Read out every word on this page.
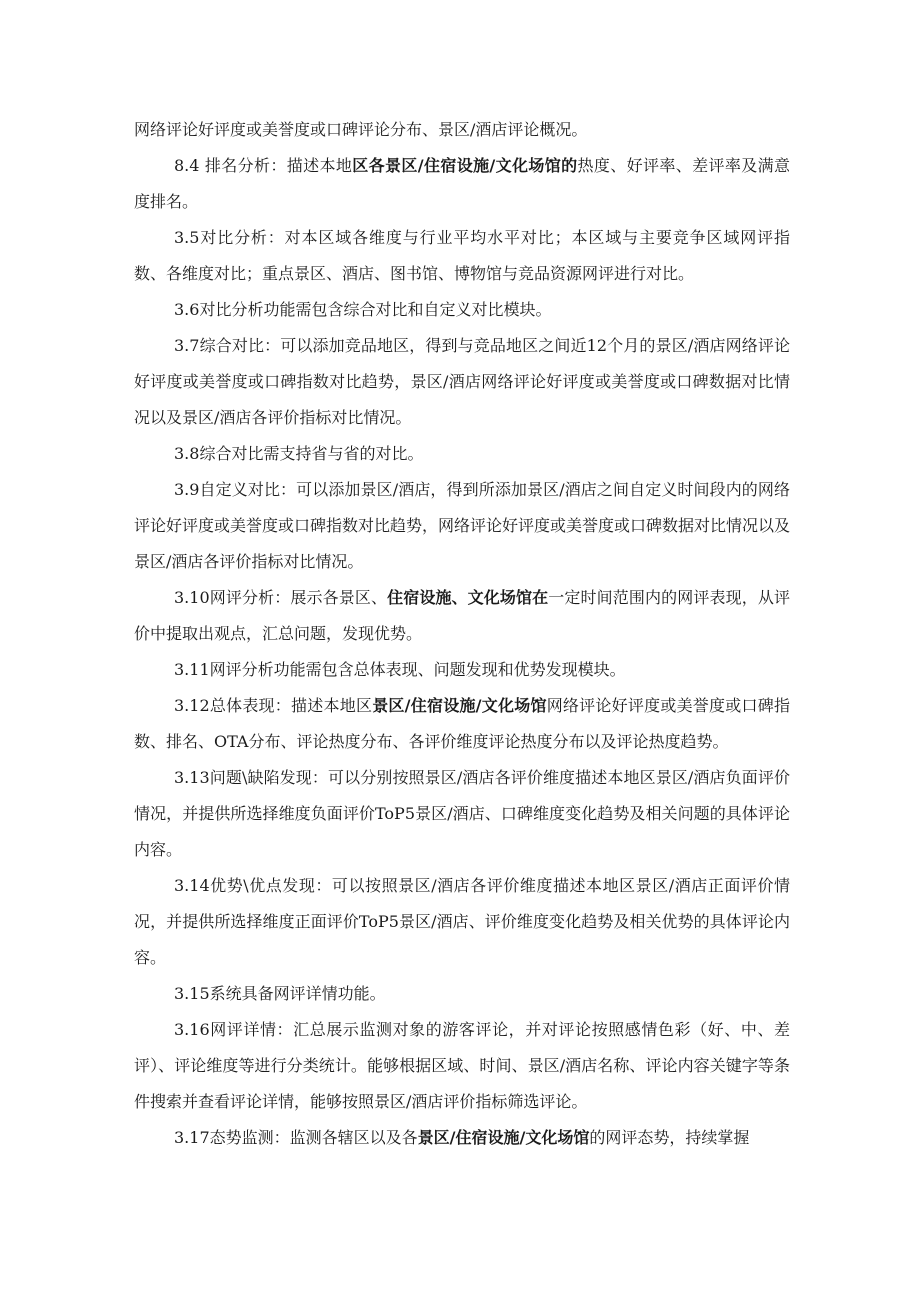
网络评论好评度或美誉度或口碑评论分布、景区/酒店评论概况。

8.4 排名分析：描述本地区各景区/住宿设施/文化场馆的热度、好评率、差评率及满意度排名。

3.5对比分析：对本区域各维度与行业平均水平对比；本区域与主要竞争区域网评指数、各维度对比；重点景区、酒店、图书馆、博物馆与竞品资源网评进行对比。

3.6对比分析功能需包含综合对比和自定义对比模块。

3.7综合对比：可以添加竞品地区，得到与竞品地区之间近12个月的景区/酒店网络评论好评度或美誉度或口碑指数对比趋势，景区/酒店网络评论好评度或美誉度或口碑数据对比情况以及景区/酒店各评价指标对比情况。

3.8综合对比需支持省与省的对比。

3.9自定义对比：可以添加景区/酒店，得到所添加景区/酒店之间自定义时间段内的网络评论好评度或美誉度或口碑指数对比趋势，网络评论好评度或美誉度或口碑数据对比情况以及景区/酒店各评价指标对比情况。

3.10网评分析：展示各景区、住宿设施、文化场馆在一定时间范围内的网评表现，从评价中提取出观点，汇总问题，发现优势。

3.11网评分析功能需包含总体表现、问题发现和优势发现模块。

3.12总体表现：描述本地区景区/住宿设施/文化场馆网络评论好评度或美誉度或口碑指数、排名、OTA分布、评论热度分布、各评价维度评论热度分布以及评论热度趋势。

3.13问题\缺陷发现：可以分别按照景区/酒店各评价维度描述本地区景区/酒店负面评价情况，并提供所选择维度负面评价ToP5景区/酒店、口碑维度变化趋势及相关问题的具体评论内容。

3.14优势\优点发现：可以按照景区/酒店各评价维度描述本地区景区/酒店正面评价情况，并提供所选择维度正面评价ToP5景区/酒店、评价维度变化趋势及相关优势的具体评论内容。

3.15系统具备网评详情功能。

3.16网评详情：汇总展示监测对象的游客评论，并对评论按照感情色彩（好、中、差评）、评论维度等进行分类统计。能够根据区域、时间、景区/酒店名称、评论内容关键字等条件搜索并查看评论详情，能够按照景区/酒店评价指标筛选评论。

3.17态势监测：监测各辖区以及各景区/住宿设施/文化场馆的网评态势，持续掌握
